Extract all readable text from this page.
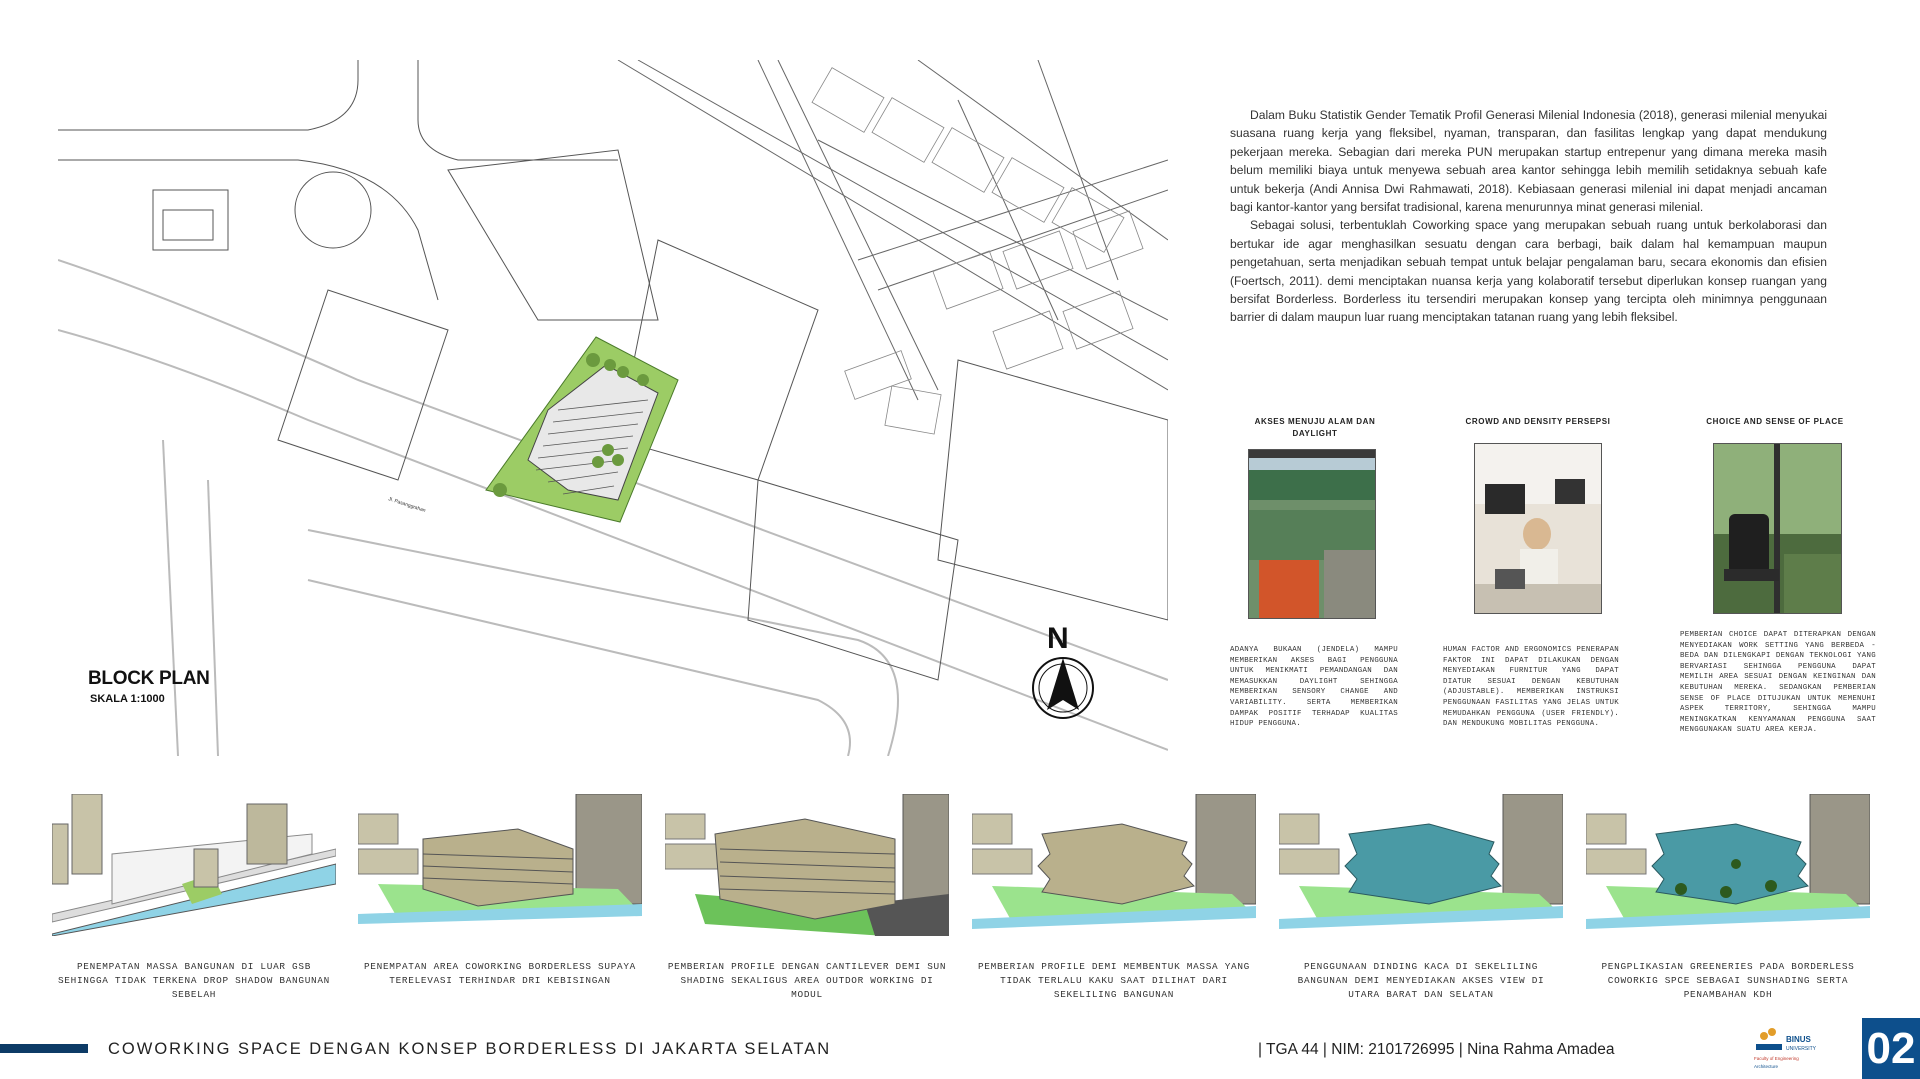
Jl. Pasanggrahan
BLOCK PLAN
SKALA 1:1000
N

Dalam Buku Statistik Gender Tematik Profil Generasi Milenial Indonesia (2018), generasi milenial menyukai suasana ruang kerja yang fleksibel, nyaman, transparan, dan fasilitas lengkap yang dapat mendukung pekerjaan mereka. Sebagian dari mereka PUN merupakan startup entrepenur yang dimana mereka masih belum memiliki biaya untuk menyewa sebuah area kantor sehingga lebih memilih setidaknya sebuah kafe untuk bekerja (Andi Annisa Dwi Rahmawati, 2018). Kebiasaan generasi milenial ini dapat menjadi ancaman bagi kantor-kantor yang bersifat tradisional, karena menurunnya minat generasi milenial.

Sebagai solusi, terbentuklah Coworking space yang merupakan sebuah ruang untuk berkolaborasi dan bertukar ide agar menghasilkan sesuatu dengan cara berbagi, baik dalam hal kemampuan maupun pengetahuan, serta menjadikan sebuah tempat untuk belajar pengalaman baru, secara ekonomis dan efisien (Foertsch, 2011). demi menciptakan nuansa kerja yang kolaboratif tersebut diperlukan konsep ruangan yang bersifat Borderless. Borderless itu tersendiri merupakan konsep yang tercipta oleh minimnya penggunaan barrier di dalam maupun luar ruang menciptakan tatanan ruang yang lebih fleksibel.

AKSES MENUJU ALAM DAN DAYLIGHT
ADANYA BUKAAN (JENDELA) MAMPU MEMBERIKAN AKSES BAGI PENGGUNA UNTUK MENIKMATI PEMANDANGAN DAN MEMASUKKAN DAYLIGHT SEHINGGA MEMBERIKAN SENSORY CHANGE AND VARIABILITY. SERTA MEMBERIKAN DAMPAK POSITIF TERHADAP KUALITAS HIDUP PENGGUNA.
CROWD AND DENSITY PERSEPSI
HUMAN FACTOR AND ERGONOMICS PENERAPAN FAKTOR INI DAPAT DILAKUKAN DENGAN MENYEDIAKAN FURNITUR YANG DAPAT DIATUR SESUAI DENGAN KEBUTUHAN (ADJUSTABLE). MEMBERIKAN INSTRUKSI PENGGUNAAN FASILITAS YANG JELAS UNTUK MEMUDAHKAN PENGGUNA (USER FRIENDLY). DAN MENDUKUNG MOBILITAS PENGGUNA.
CHOICE AND SENSE OF PLACE
PEMBERIAN CHOICE DAPAT DITERAPKAN DENGAN MENYEDIAKAN WORK SETTING YANG BERBEDA - BEDA DAN DILENGKAPI DENGAN TEKNOLOGI YANG BERVARIASI SEHINGGA PENGGUNA DAPAT MEMILIH AREA SESUAI DENGAN KEINGINAN DAN KEBUTUHAN MEREKA. SEDANGKAN PEMBERIAN SENSE OF PLACE DITUJUKAN UNTUK MEMENUHI ASPEK TERRITORY, SEHINGGA MAMPU MENINGKATKAN KENYAMANAN PENGGUNA SAAT MENGGUNAKAN SUATU AREA KERJA.
PENEMPATAN MASSA BANGUNAN DI LUAR GSB SEHINGGA TIDAK TERKENA DROP SHADOW BANGUNAN SEBELAH
PENEMPATAN AREA COWORKING BORDERLESS SUPAYA TERELEVASI TERHINDAR DRI KEBISINGAN
PEMBERIAN PROFILE DENGAN CANTILEVER DEMI SUN SHADING SEKALIGUS AREA OUTDOR WORKING DI MODUL
PEMBERIAN PROFILE DEMI MEMBENTUK MASSA YANG TIDAK TERLALU KAKU SAAT DILIHAT DARI SEKELILING BANGUNAN
PENGGUNAAN DINDING KACA DI SEKELILING BANGUNAN DEMI MENYEDIAKAN AKSES VIEW DI UTARA BARAT DAN SELATAN
PENGPLIKASIAN GREENERIES PADA BORDERLESS COWORKIG SPCE SEBAGAI SUNSHADING SERTA PENAMBAHAN KDH
COWORKING SPACE DENGAN KONSEP BORDERLESS DI JAKARTA SELATAN	| TGA 44 | NIM: 2101726995 | Nina Rahma Amadea
BINUS
UNIVERSITY
Faculty of Engineering
Architecture 02
